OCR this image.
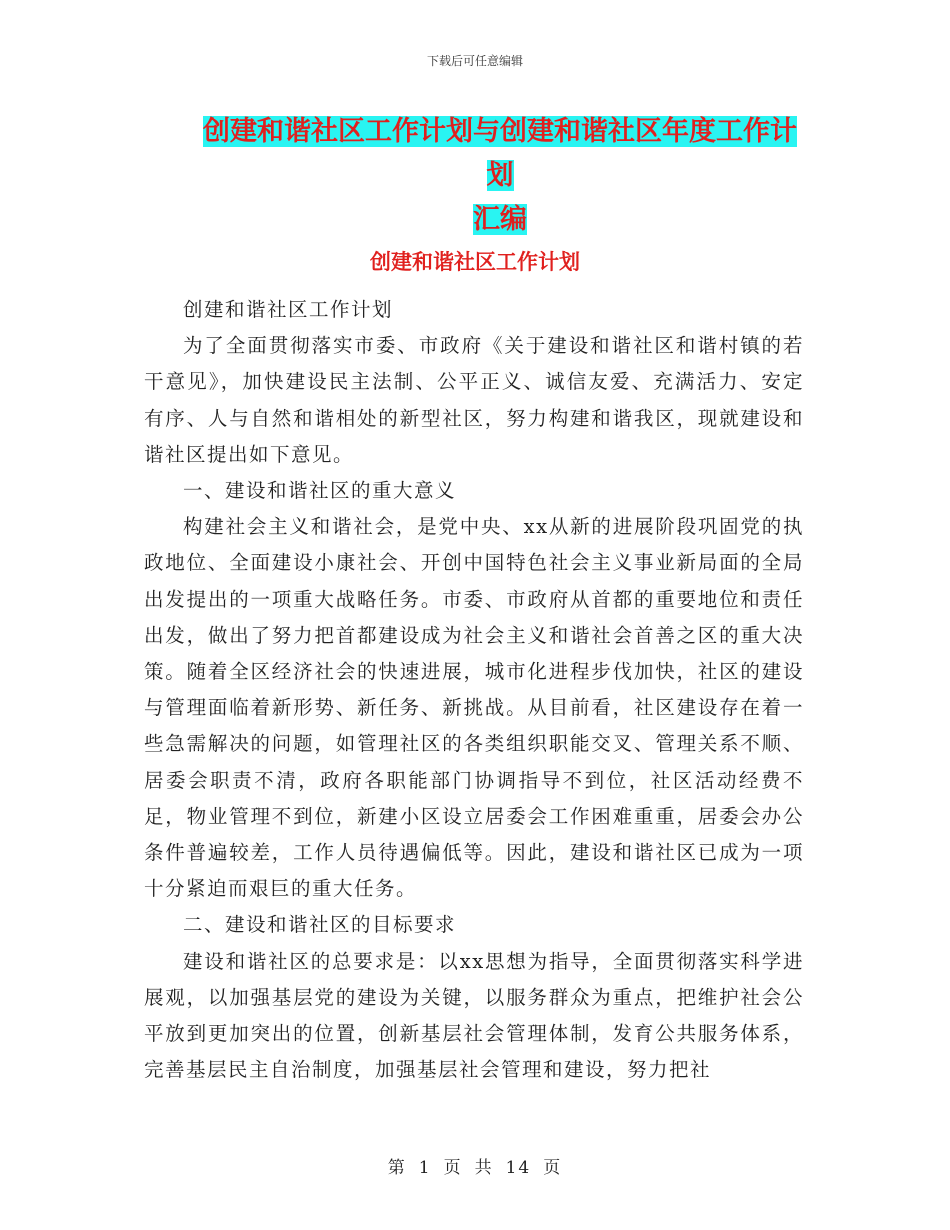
下载后可任意编辑
创建和谐社区工作计划与创建和谐社区年度工作计划
汇编
创建和谐社区工作计划

创建和谐社区工作计划

为了全面贯彻落实市委、市政府《关于建设和谐社区和谐村镇的若干意见》，加快建设民主法制、公平正义、诚信友爱、充满活力、安定有序、人与自然和谐相处的新型社区，努力构建和谐我区，现就建设和谐社区提出如下意见。

一、建设和谐社区的重大意义

构建社会主义和谐社会，是党中央、xx从新的进展阶段巩固党的执政地位、全面建设小康社会、开创中国特色社会主义事业新局面的全局出发提出的一项重大战略任务。市委、市政府从首都的重要地位和责任出发，做出了努力把首都建设成为社会主义和谐社会首善之区的重大决策。随着全区经济社会的快速进展，城市化进程步伐加快，社区的建设与管理面临着新形势、新任务、新挑战。从目前看，社区建设存在着一些急需解决的问题，如管理社区的各类组织职能交叉、管理关系不顺、居委会职责不清，政府各职能部门协调指导不到位，社区活动经费不足，物业管理不到位，新建小区设立居委会工作困难重重，居委会办公条件普遍较差，工作人员待遇偏低等。因此，建设和谐社区已成为一项十分紧迫而艰巨的重大任务。

二、建设和谐社区的目标要求

建设和谐社区的总要求是：以xx思想为指导，全面贯彻落实科学进展观，以加强基层党的建设为关键，以服务群众为重点，把维护社会公平放到更加突出的位置，创新基层社会管理体制，发育公共服务体系，完善基层民主自治制度，加强基层社会管理和建设，努力把社

第 1 页 共 14 页
